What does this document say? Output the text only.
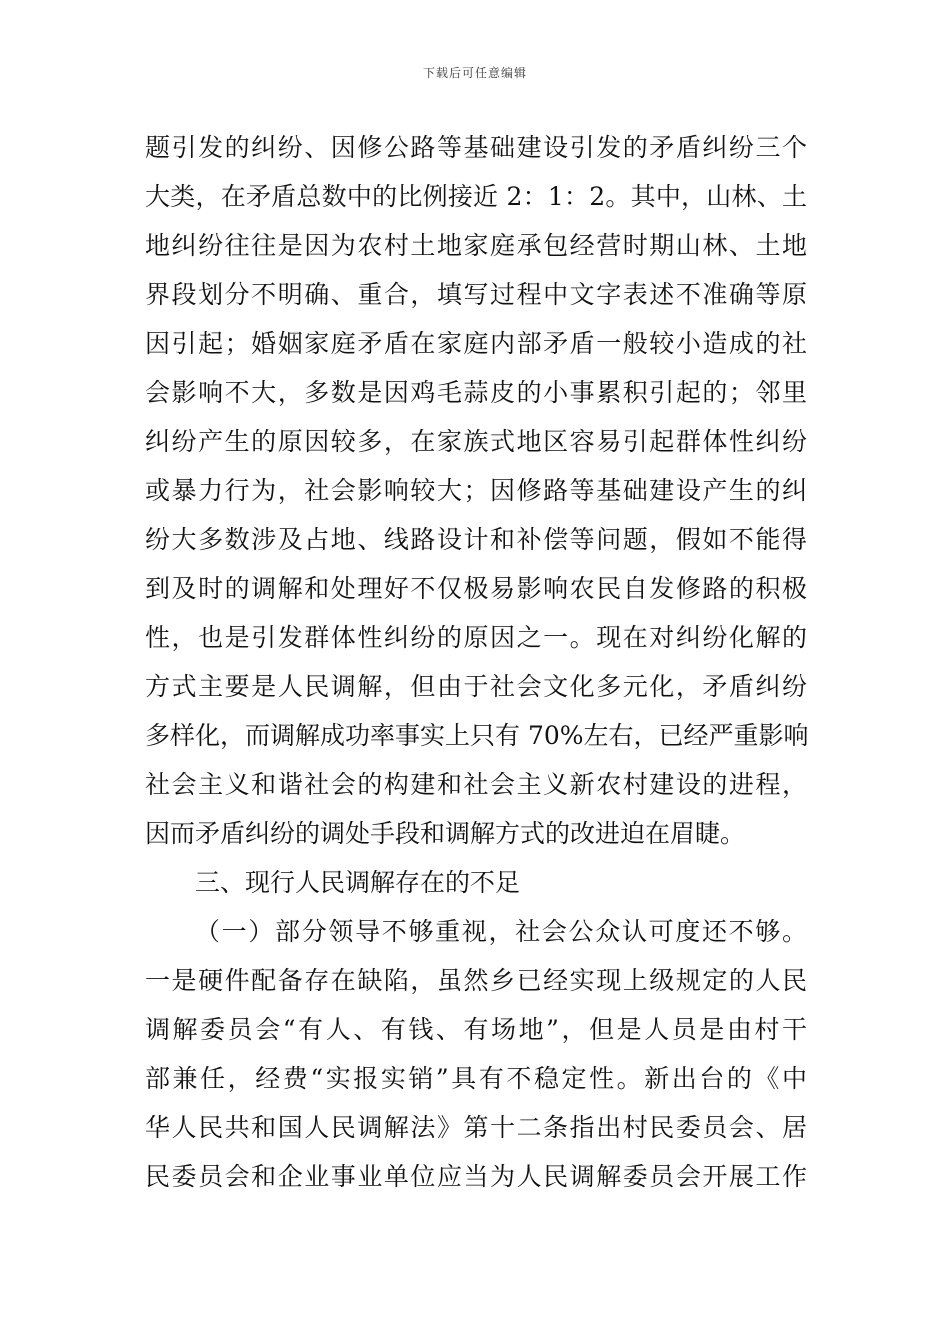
下载后可任意编辑
题引发的纠纷、因修公路等基础建设引发的矛盾纠纷三个
大类，在矛盾总数中的比例接近 2：1：2。其中，山林、土
地纠纷往往是因为农村土地家庭承包经营时期山林、土地
界段划分不明确、重合，填写过程中文字表述不准确等原
因引起；婚姻家庭矛盾在家庭内部矛盾一般较小造成的社
会影响不大，多数是因鸡毛蒜皮的小事累积引起的；邻里
纠纷产生的原因较多，在家族式地区容易引起群体性纠纷
或暴力行为，社会影响较大；因修路等基础建设产生的纠
纷大多数涉及占地、线路设计和补偿等问题，假如不能得
到及时的调解和处理好不仅极易影响农民自发修路的积极
性，也是引发群体性纠纷的原因之一。现在对纠纷化解的
方式主要是人民调解，但由于社会文化多元化，矛盾纠纷
多样化，而调解成功率事实上只有 70%左右，已经严重影响
社会主义和谐社会的构建和社会主义新农村建设的进程，
因而矛盾纠纷的调处手段和调解方式的改进迫在眉睫。
三、现行人民调解存在的不足
（一）部分领导不够重视，社会公众认可度还不够。
一是硬件配备存在缺陷，虽然乡已经实现上级规定的人民
调解委员会“有人、有钱、有场地”，但是人员是由村干
部兼任，经费“实报实销”具有不稳定性。新出台的《中
华人民共和国人民调解法》第十二条指出村民委员会、居
民委员会和企业事业单位应当为人民调解委员会开展工作
